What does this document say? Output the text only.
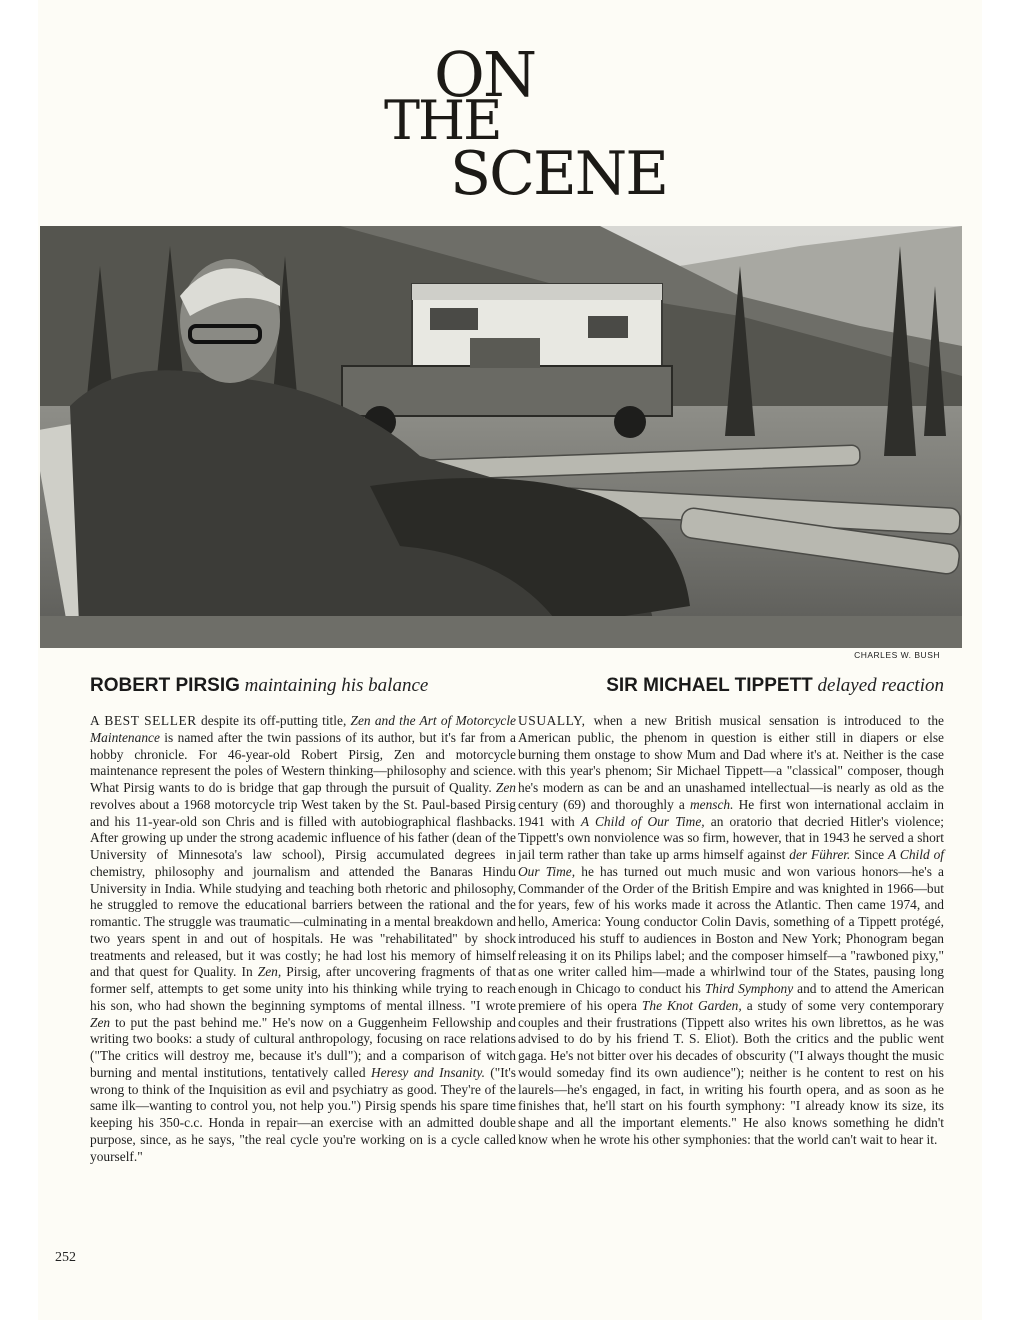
ON
THE
SCENE
CHARLES W. BUSH
ROBERT PIRSIG maintaining his balance

A BEST SELLER despite its off-putting title, Zen and the Art of Motorcycle Maintenance is named after the twin passions of its author, but it's far from a hobby chronicle. For 46-year-old Robert Pirsig, Zen and motorcycle maintenance represent the poles of Western thinking—philosophy and science. What Pirsig wants to do is bridge that gap through the pursuit of Quality. Zen revolves about a 1968 motorcycle trip West taken by the St. Paul-based Pirsig and his 11-year-old son Chris and is filled with autobiographical flashbacks. After growing up under the strong academic influence of his father (dean of the University of Minnesota's law school), Pirsig accumulated degrees in chemistry, philosophy and journalism and attended the Banaras Hindu University in India. While studying and teaching both rhetoric and philosophy, he struggled to remove the educational barriers between the rational and the romantic. The struggle was traumatic—culminating in a mental breakdown and two years spent in and out of hospitals. He was "rehabilitated" by shock treatments and released, but it was costly; he had lost his memory of himself and that quest for Quality. In Zen, Pirsig, after uncovering fragments of that former self, attempts to get some unity into his thinking while trying to reach his son, who had shown the beginning symptoms of mental illness. "I wrote Zen to put the past behind me." He's now on a Guggenheim Fellowship and writing two books: a study of cultural anthropology, focusing on race relations ("The critics will destroy me, because it's dull"); and a comparison of witch burning and mental institutions, tentatively called Heresy and Insanity. ("It's wrong to think of the Inquisition as evil and psychiatry as good. They're of the same ilk—wanting to control you, not help you.") Pirsig spends his spare time keeping his 350-c.c. Honda in repair—an exercise with an admitted double purpose, since, as he says, "the real cycle you're working on is a cycle called yourself."

SIR MICHAEL TIPPETT delayed reaction

USUALLY, when a new British musical sensation is introduced to the American public, the phenom in question is either still in diapers or else burning them onstage to show Mum and Dad where it's at. Neither is the case with this year's phenom; Sir Michael Tippett—a "classical" composer, though he's modern as can be and an unashamed intellectual—is nearly as old as the century (69) and thoroughly a mensch. He first won international acclaim in 1941 with A Child of Our Time, an oratorio that decried Hitler's violence; Tippett's own nonviolence was so firm, however, that in 1943 he served a short jail term rather than take up arms himself against der Führer. Since A Child of Our Time, he has turned out much music and won various honors—he's a Commander of the Order of the British Empire and was knighted in 1966—but for years, few of his works made it across the Atlantic. Then came 1974, and hello, America: Young conductor Colin Davis, something of a Tippett protégé, introduced his stuff to audiences in Boston and New York; Phonogram began releasing it on its Philips label; and the composer himself—a "rawboned pixy," as one writer called him—made a whirlwind tour of the States, pausing long enough in Chicago to conduct his Third Symphony and to attend the American premiere of his opera The Knot Garden, a study of some very contemporary couples and their frustrations (Tippett also writes his own librettos, as he was advised to do by his friend T. S. Eliot). Both the critics and the public went gaga. He's not bitter over his decades of obscurity ("I always thought the music would someday find its own audience"); neither is he content to rest on his laurels—he's engaged, in fact, in writing his fourth opera, and as soon as he finishes that, he'll start on his fourth symphony: "I already know its size, its shape and all the important elements." He also knows something he didn't know when he wrote his other symphonies: that the world can't wait to hear it.

252
